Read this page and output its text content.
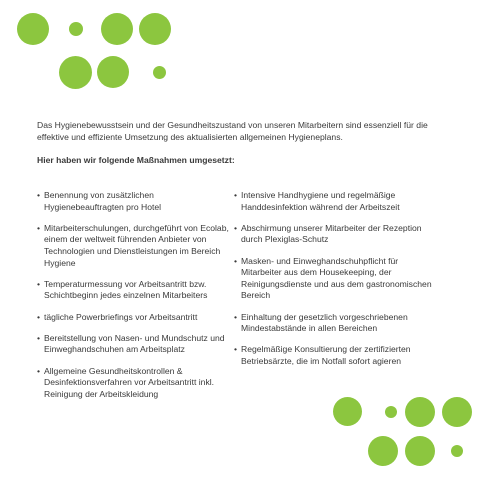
Das Hygienebewusstsein und der Gesundheitszustand von unseren Mitarbeitern sind essenziell für die effektive und effiziente Umsetzung des aktualisierten allgemeinen Hygieneplans.

Hier haben wir folgende Maßnahmen umgesetzt:

• Benennung von zusätzlichen Hygienebeauftragten pro Hotel
• Mitarbeiterschulungen, durchgeführt von Ecolab, einem der weltweit führenden Anbieter von Technologien und Dienstleistungen im Bereich Hygiene
• Temperaturmessung vor Arbeitsantritt bzw. Schichtbeginn jedes einzelnen Mitarbeiters
• tägliche Powerbriefings vor Arbeitsantritt
• Bereitstellung von Nasen- und Mundschutz und Einweghandschuhen am Arbeitsplatz
• Allgemeine Gesundheitskontrollen & Desinfektionsverfahren vor Arbeitsantritt inkl. Reinigung der Arbeitskleidung
• Intensive Handhygiene und regelmäßige Handdesinfektion während der Arbeitszeit
• Abschirmung unserer Mitarbeiter der Rezeption durch Plexiglas-Schutz
• Masken- und Einweghandschuhpflicht für Mitarbeiter aus dem Housekeeping, der Reinigungsdienste und aus dem gastronomischen Bereich
• Einhaltung der gesetzlich vorgeschriebenen Mindestabstände in allen Bereichen
• Regelmäßige Konsultierung der zertifizierten Betriebsärzte, die im Notfall sofort agieren
